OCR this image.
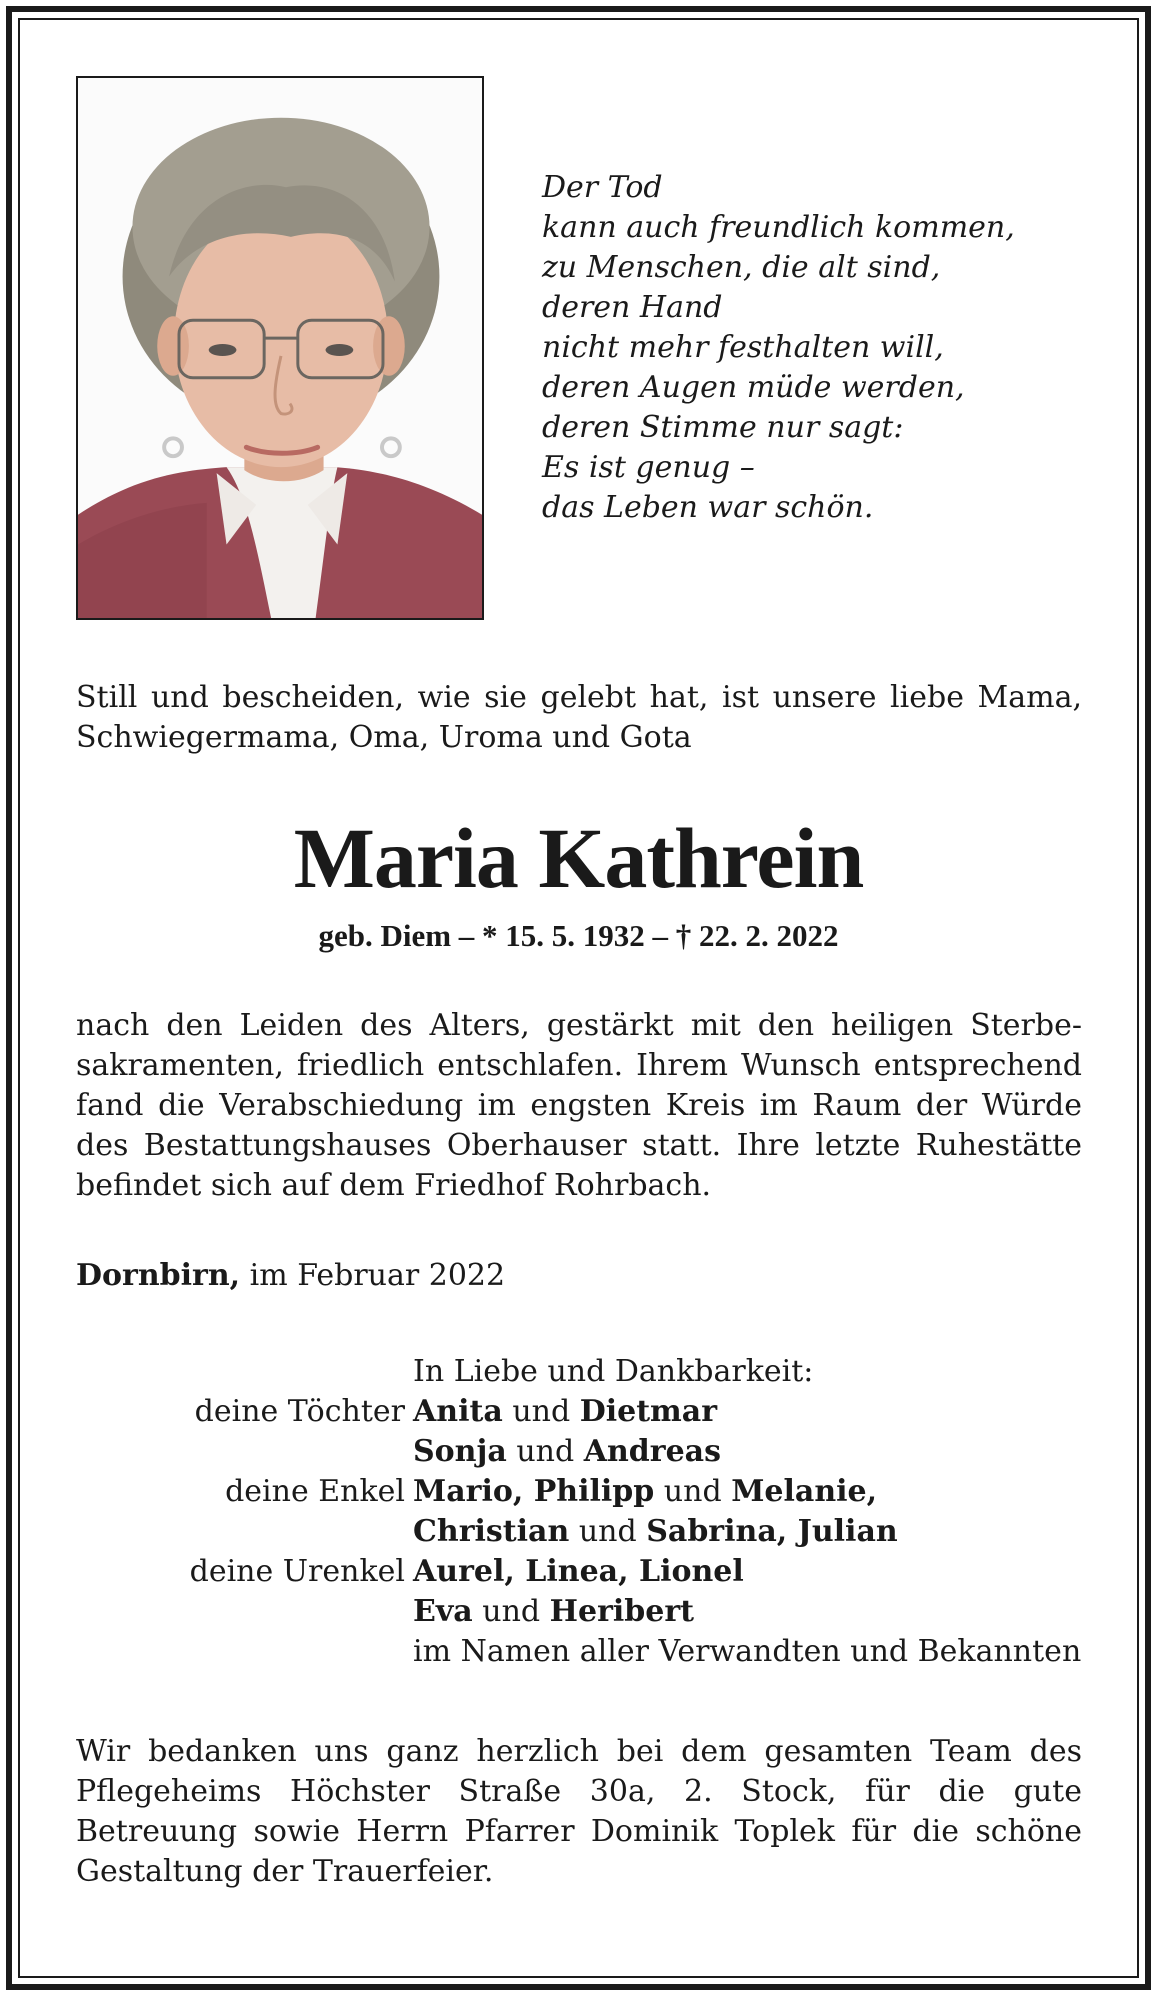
Der Tod
kann auch freundlich kommen,
zu Menschen, die alt sind,
deren Hand
nicht mehr festhalten will,
deren Augen müde werden,
deren Stimme nur sagt:
Es ist genug –
das Leben war schön.
Still und bescheiden, wie sie gelebt hat, ist unsere liebe Mama, Schwiegermama, Oma, Uroma und Gota
Maria Kathrein
geb. Diem – * 15. 5. 1932 – † 22. 2. 2022
nach den Leiden des Alters, gestärkt mit den heiligen Sterbesakramenten, friedlich entschlafen. Ihrem Wunsch entsprechend fand die Verabschiedung im engsten Kreis im Raum der Würde des Bestattungshauses Oberhauser statt. Ihre letzte Ruhestätte befindet sich auf dem Friedhof Rohrbach.
Dornbirn, im Februar 2022
In Liebe und Dankbarkeit:
deine Töchter Anita und Dietmar
Sonja und Andreas
deine Enkel Mario, Philipp und Melanie,
Christian und Sabrina, Julian
deine Urenkel Aurel, Linea, Lionel
Eva und Heribert
im Namen aller Verwandten und Bekannten
Wir bedanken uns ganz herzlich bei dem gesamten Team des Pflegeheims Höchster Straße 30a, 2. Stock, für die gute Betreuung sowie Herrn Pfarrer Dominik Toplek für die schöne Gestaltung der Trauerfeier.
